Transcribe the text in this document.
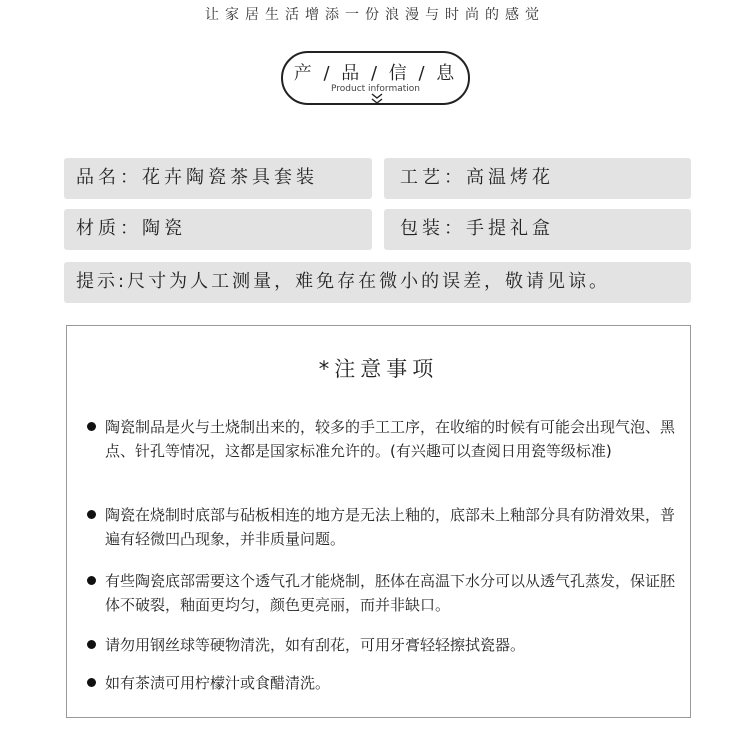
让家居生活增添一份浪漫与时尚的感觉
产 / 品 / 信 / 息
Product information
品名：花卉陶瓷茶具套装	工艺：高温烤花
材质：陶瓷	包装：手提礼盒
提示:尺寸为人工测量，难免存在微小的误差，敬请见谅。
*注意事项
陶瓷制品是火与土烧制出来的，较多的手工工序，在收缩的时候有可能会出现气泡、黑点、针孔等情况，这都是国家标准允许的。(有兴趣可以查阅日用瓷等级标准)
陶瓷在烧制时底部与砧板相连的地方是无法上釉的，底部未上釉部分具有防滑效果，普遍有轻微凹凸现象，并非质量问题。
有些陶瓷底部需要这个透气孔才能烧制，胚体在高温下水分可以从透气孔蒸发，保证胚体不破裂，釉面更均匀，颜色更亮丽，而并非缺口。
请勿用钢丝球等硬物清洗，如有刮花，可用牙膏轻轻擦拭瓷器。
如有茶渍可用柠檬汁或食醋清洗。
